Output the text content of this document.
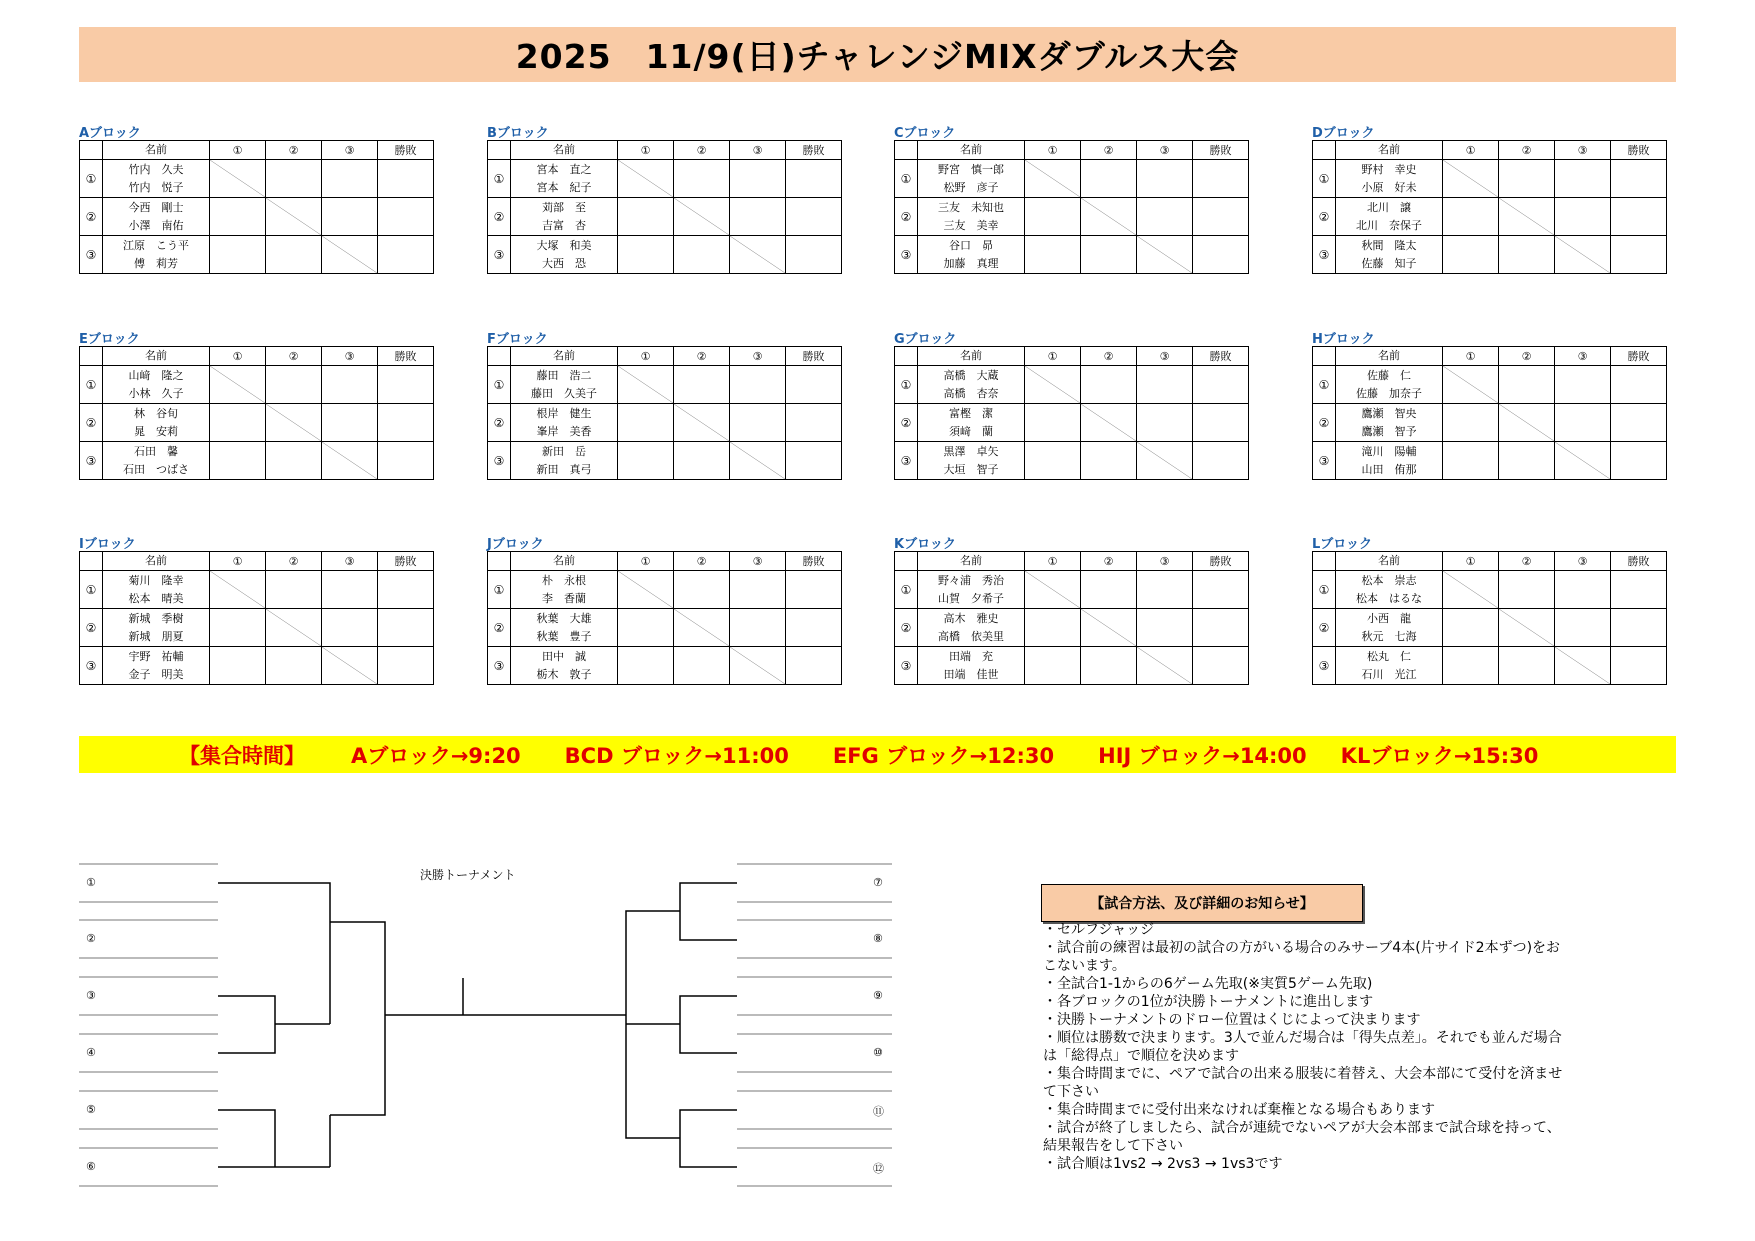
2025　11/9(日)チャレンジMIXダブルス大会
Aブロック
	名前	①	②	③	勝敗
①	竹内　久夫
竹内　悦子

②	今西　剛士
小澤　南佑

③	江原　こう平
傅　莉芳

Bブロック
	名前	①	②	③	勝敗
①	宮本　直之
宮本　紀子

②	苅部　至
吉富　杏

③	大塚　和美
大西　恐

Cブロック
	名前	①	②	③	勝敗
①	野宮　慎一郎
松野　彦子

②	三友　未知也
三友　美幸

③	谷口　昴
加藤　真理

Dブロック
	名前	①	②	③	勝敗
①	野村　幸史
小原　好未

②	北川　譲
北川　奈保子

③	秋間　隆太
佐藤　知子

Eブロック
	名前	①	②	③	勝敗
①	山﨑　隆之
小林　久子

②	林　谷旬
晁　安莉

③	石田　馨
石田　つばさ

Fブロック
	名前	①	②	③	勝敗
①	藤田　浩二
藤田　久美子

②	根岸　健生
峯岸　美香

③	新田　岳
新田　真弓

Gブロック
	名前	①	②	③	勝敗
①	高橋　大蔵
高橋　杏奈

②	富樫　潔
須﨑　蘭

③	黒澤　卓矢
大垣　智子

Hブロック
	名前	①	②	③	勝敗
①	佐藤　仁
佐藤　加奈子

②	鷹瀬　智央
鷹瀬　智予

③	滝川　陽輔
山田　侑那

Iブロック
	名前	①	②	③	勝敗
①	菊川　隆幸
松本　晴美

②	新城　季樹
新城　朋夏

③	宇野　祐輔
金子　明美

Jブロック
	名前	①	②	③	勝敗
①	朴　永根
李　香蘭

②	秋葉　大雄
秋葉　豊子

③	田中　誠
栃木　敦子

Kブロック
	名前	①	②	③	勝敗
①	野々浦　秀治
山賀　夕希子

②	高木　雅史
高橋　依美里

③	田端　充
田端　佳世

Lブロック
	名前	①	②	③	勝敗
①	松本　崇志
松本　はるな

②	小西　龍
秋元　七海

③	松丸　仁
石川　光江

【集合時間】 Aブロック→9:20 BCD ブロック→11:00 EFG ブロック→12:30 HIJ ブロック→14:00 KLブロック→15:30
決勝トーナメント
①
②
③
④
⑤
⑥
⑦
⑧
⑨
⑩
⑪
⑫
【試合方法、及び詳細のお知らせ】
・セルフジャッジ
・試合前の練習は最初の試合の方がいる場合のみサーブ4本(片サイド2本ずつ)をおこないます。
・全試合1-1からの6ゲーム先取(※実質5ゲーム先取)
・各ブロックの1位が決勝トーナメントに進出します
・決勝トーナメントのドロー位置はくじによって決まります
・順位は勝数で決まります。3人で並んだ場合は「得失点差」。それでも並んだ場合は「総得点」で順位を決めます
・集合時間までに、ペアで試合の出来る服装に着替え、大会本部にて受付を済ませて下さい
・集合時間までに受付出来なければ棄権となる場合もあります
・試合が終了しましたら、試合が連続でないペアが大会本部まで試合球を持って、結果報告をして下さい
・試合順は1vs2 → 2vs3 → 1vs3です
